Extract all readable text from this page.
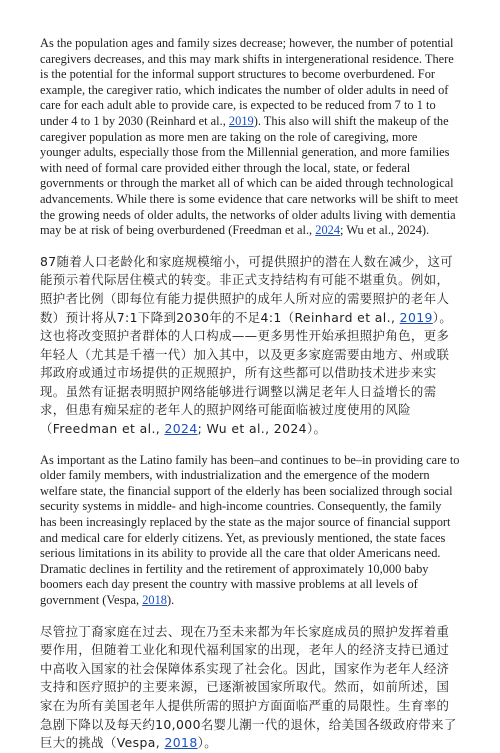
As the population ages and family sizes decrease; however, the number of potential caregivers decreases, and this may mark shifts in intergenerational residence. There is the potential for the informal support structures to become overburdened. For example, the caregiver ratio, which indicates the number of older adults in need of care for each adult able to provide care, is expected to be reduced from 7 to 1 to under 4 to 1 by 2030 (Reinhard et al., 2019). This also will shift the makeup of the caregiver population as more men are taking on the role of caregiving, more younger adults, especially those from the Millennial generation, and more families with need of formal care provided either through the local, state, or federal governments or through the market all of which can be aided through technological advancements. While there is some evidence that care networks will be shift to meet the growing needs of older adults, the networks of older adults living with dementia may be at risk of being overburdened (Freedman et al., 2024; Wu et al., 2024).

87随着人口老龄化和家庭规模缩小，可提供照护的潜在人数在减少，这可能预示着代际居住模式的转变。非正式支持结构有可能不堪重负。例如，照护者比例（即每位有能力提供照护的成年人所对应的需要照护的老年人数）预计将从7:1下降到2030年的不足4:1（Reinhard et al., 2019）。这也将改变照护者群体的人口构成——更多男性开始承担照护角色，更多年轻人（尤其是千禧一代）加入其中，以及更多家庭需要由地方、州或联邦政府或通过市场提供的正规照护，所有这些都可以借助技术进步来实现。虽然有证据表明照护网络能够进行调整以满足老年人日益增长的需求，但患有痴呆症的老年人的照护网络可能面临被过度使用的风险（Freedman et al., 2024; Wu et al., 2024）。

As important as the Latino family has been–and continues to be–in providing care to older family members, with industrialization and the emergence of the modern welfare state, the financial support of the elderly has been socialized through social security systems in middle- and high-income countries. Consequently, the family has been increasingly replaced by the state as the major source of financial support and medical care for elderly citizens. Yet, as previously mentioned, the state faces serious limitations in its ability to provide all the care that older Americans need. Dramatic declines in fertility and the retirement of approximately 10,000 baby boomers each day present the country with massive problems at all levels of government (Vespa, 2018).

尽管拉丁裔家庭在过去、现在乃至未来都为年长家庭成员的照护发挥着重要作用，但随着工业化和现代福利国家的出现，老年人的经济支持已通过中高收入国家的社会保障体系实现了社会化。因此，国家作为老年人经济支持和医疗照护的主要来源，已逐渐被国家所取代。然而，如前所述，国家在为所有美国老年人提供所需的照护方面面临严重的局限性。生育率的急剧下降以及每天约10,000名婴儿潮一代的退休，给美国各级政府带来了巨大的挑战（Vespa, 2018）。
